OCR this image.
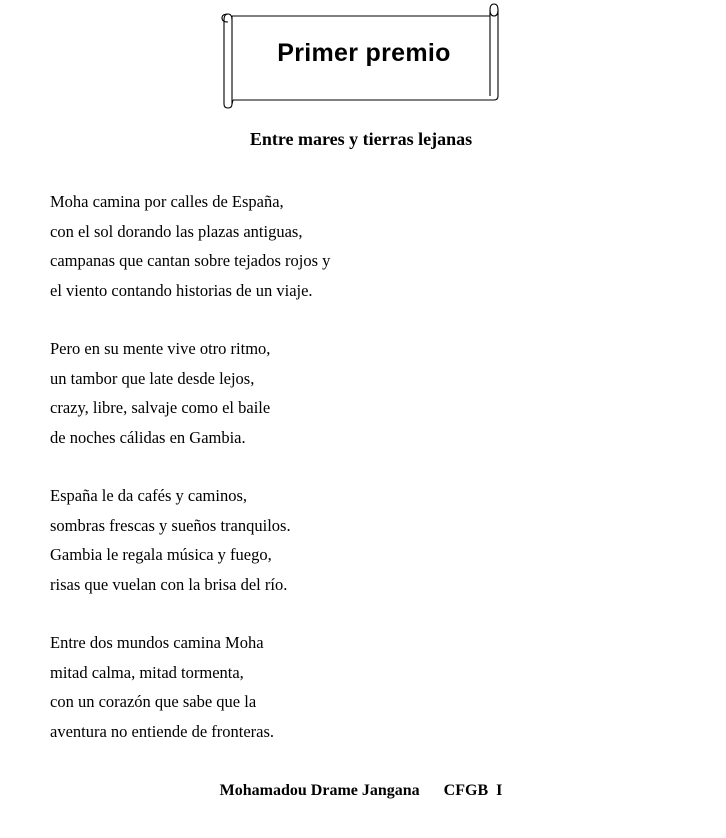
Primer premio
Entre mares y tierras lejanas
Moha camina por calles de España,
con el sol dorando las plazas antiguas,
campanas que cantan sobre tejados rojos y
el viento contando historias de un viaje.
Pero en su mente vive otro ritmo,
un tambor que late desde lejos,
crazy, libre, salvaje como el baile
de noches cálidas en Gambia.
España le da cafés y caminos,
sombras frescas y sueños tranquilos.
Gambia le regala música y fuego,
risas que vuelan con la brisa del río.
Entre dos mundos camina Moha
mitad calma, mitad tormenta,
con un corazón que sabe que la
aventura no entiende de fronteras.
Mohamadou Drame Jangana CFGB  I
